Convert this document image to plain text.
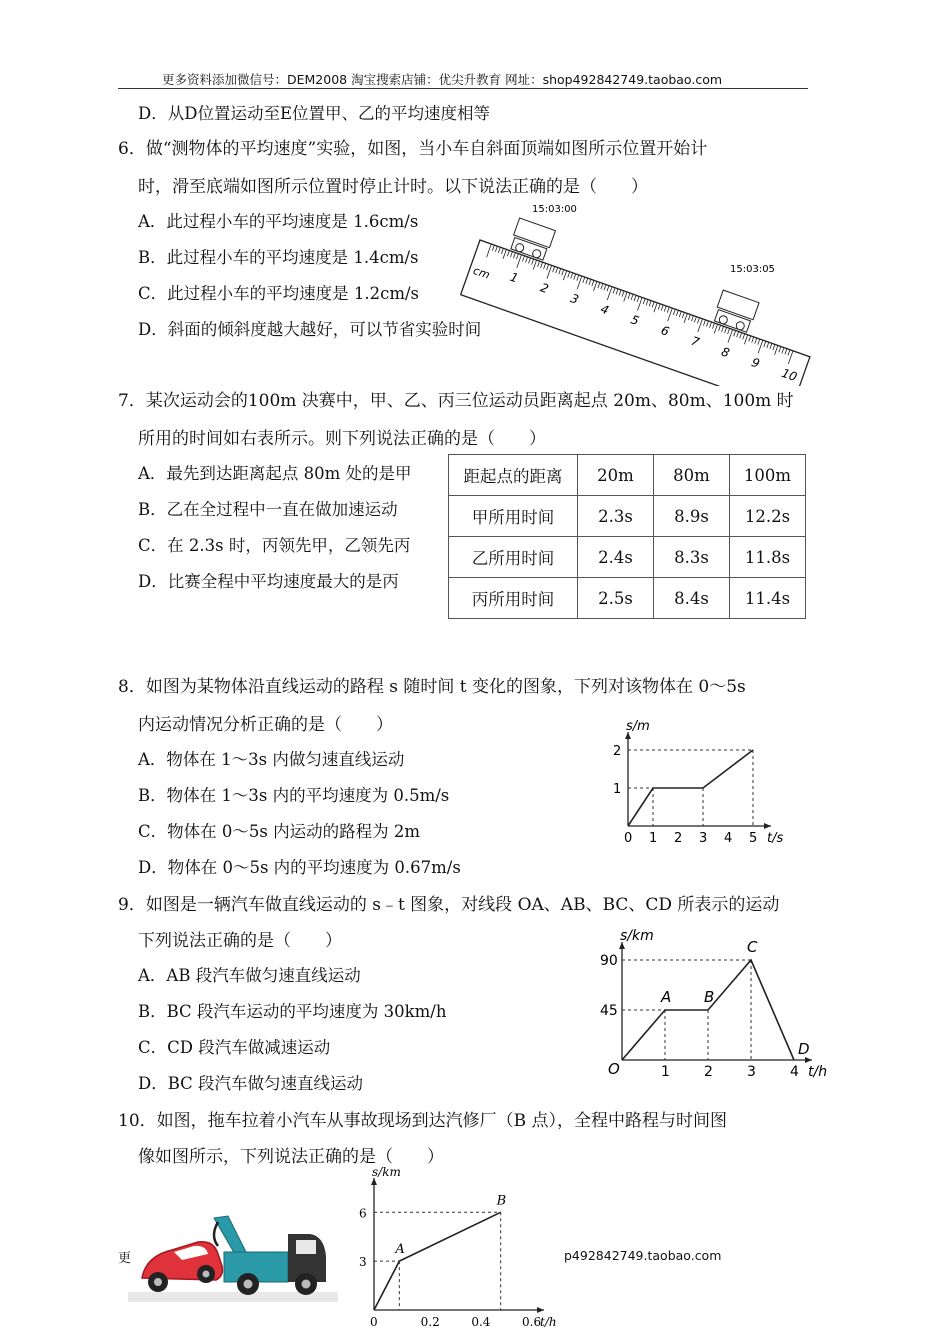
更多资料添加微信号：DEM2008 淘宝搜索店铺：优尖升教育 网址：shop492842749.taobao.com
D．从D位置运动至E位置甲、乙的平均速度相等
6．做“测物体的平均速度”实验，如图，当小车自斜面顶端如图所示位置开始计
时，滑至底端如图所示位置时停止计时。以下说法正确的是（　　）
A．此过程小车的平均速度是 1.6cm/s
B．此过程小车的平均速度是 1.4cm/s
C．此过程小车的平均速度是 1.2cm/s
D．斜面的倾斜度越大越好，可以节省实验时间
1
2
3
4
5
6
7
8
9
10
cm
15:03:00
15:03:05
7．某次运动会的100m 决赛中，甲、乙、丙三位运动员距离起点 20m、80m、100m 时
所用的时间如右表所示。则下列说法正确的是（　　）
A．最先到达距离起点 80m 处的是甲
B．乙在全过程中一直在做加速运动
C．在 2.3s 时，丙领先甲，乙领先丙
D．比赛全程中平均速度最大的是丙
距起点的距离	20m	80m	100m
甲所用时间	2.3s	8.9s	12.2s
乙所用时间	2.4s	8.3s	11.8s
丙所用时间	2.5s	8.4s	11.4s
8．如图为某物体沿直线运动的路程 s 随时间 t 变化的图象，下列对该物体在 0～5s
内运动情况分析正确的是（　　）
A．物体在 1～3s 内做匀速直线运动
B．物体在 1～3s 内的平均速度为 0.5m/s
C．物体在 0～5s 内运动的路程为 2m
D．物体在 0～5s 内的平均速度为 0.67m/s
s/m
t/s
0 1 2 3 4 5
1
2
9．如图是一辆汽车做直线运动的 s﹣t 图象，对线段 OA、AB、BC、CD 所表示的运动
下列说法正确的是（　　）
A．AB 段汽车做匀速直线运动
B．BC 段汽车运动的平均速度为 30km/h
C．CD 段汽车做减速运动
D．BC 段汽车做匀速直线运动
s/km
t/h
1 2 3 4
45
90
O
A B
C
D
10．如图，拖车拉着小汽车从事故现场到达汽修厂（B 点），全程中路程与时间图
像如图所示，下列说法正确的是（　　）
更	p492842749.taobao.com
s/km
t/h
0	0.2	0.4	0.6
3
6
A
B
